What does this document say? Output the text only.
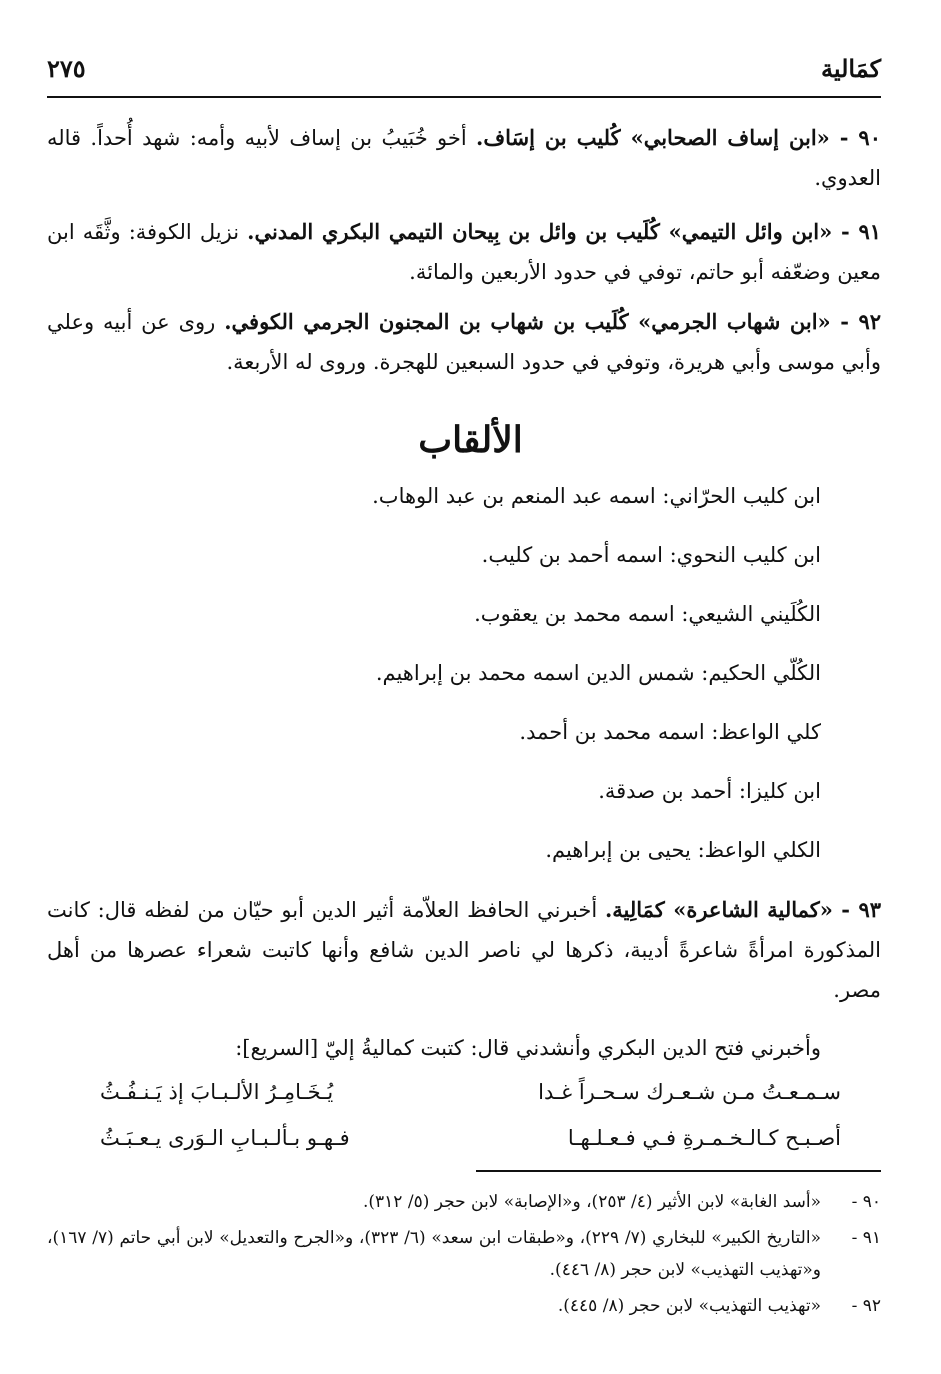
كمَالية
٢٧٥
٩٠ - «ابن إساف الصحابي» كُليب بن إسَاف. أخو خُبَيبُ بن إساف لأبيه وأمه: شهد أُحداً. قاله العدوي.
٩١ - «ابن وائل التيمي» كُلَيب بن وائل بن بِيحان التيمي البكري المدني. نزيل الكوفة: وثَّقَه ابن معين وضعّفه أبو حاتم، توفي في حدود الأربعين والمائة.
٩٢ - «ابن شهاب الجرمي» كُلَيب بن شهاب بن المجنون الجرمي الكوفي. روى عن أبيه وعلي وأبي موسى وأبي هريرة، وتوفي في حدود السبعين للهجرة. وروى له الأربعة.
الألقاب
ابن كليب الحرّاني: اسمه عبد المنعم بن عبد الوهاب.
ابن كليب النحوي: اسمه أحمد بن كليب.
الكُلَيني الشيعي: اسمه محمد بن يعقوب.
الكُلّي الحكيم: شمس الدين اسمه محمد بن إبراهيم.
كلي الواعظ: اسمه محمد بن أحمد.
ابن كليزا: أحمد بن صدقة.
الكلي الواعظ: يحيى بن إبراهيم.
٩٣ - «كمالية الشاعرة» كمَالِية. أخبرني الحافظ العلاّمة أثير الدين أبو حيّان من لفظه قال: كانت المذكورة امرأةً شاعرةً أديبة، ذكرها لي ناصر الدين شافع وأنها كاتبت شعراء عصرها من أهل مصر.
وأخبرني فتح الدين البكري وأنشدني قال: كتبت كماليةُ إليّ [السريع]:
سـمـعـتُ مـن شـعـرك سـحـراً غـدا
يُـخَـامِـرُ الألـبـابَ إذ يَـنـفُـثُ
أصـبـح كـالـخـمـرةِ فـي فـعـلـهـا
فـهـو بـألـبـابِ الـوَرى يـعـبَـثُ
٩٠ -
«أسد الغابة» لابن الأثير (٤/ ٢٥٣)، و«الإصابة» لابن حجر (٥/ ٣١٢).
٩١ -
«التاريخ الكبير» للبخاري (٧/ ٢٢٩)، و«طبقات ابن سعد» (٦/ ٣٢٣)، و«الجرح والتعديل» لابن أبي حاتم (٧/ ١٦٧)، و«تهذيب التهذيب» لابن حجر (٨/ ٤٤٦).
٩٢ -
«تهذيب التهذيب» لابن حجر (٨/ ٤٤٥).
